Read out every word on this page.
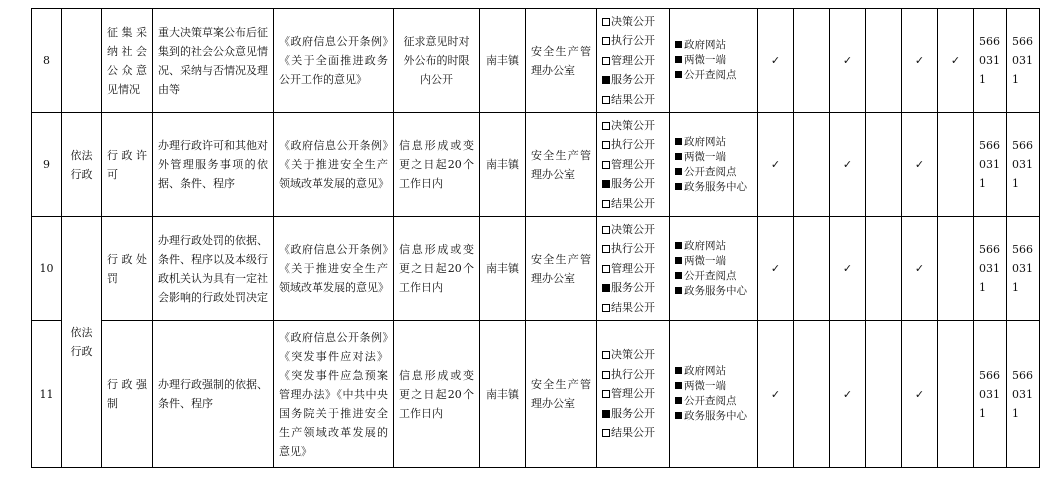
8		征集采纳社会公众意见情况	重大决策草案公布后征集到的社会公众意见情况、采纳与否情况及理由等	《政府信息公开条例》《关于全面推进政务公开工作的意见》	征求意见时对外公布的时限内公开	南丰镇	安全生产管理办公室	决策公开
执行公开
管理公开
服务公开
结果公开	政府网站
两微一端
公开查阅点	✓		✓		✓	✓	566
031
1	566
031
1
9	依法行政	行政许可	办理行政许可和其他对外管理服务事项的依据、条件、程序	《政府信息公开条例》《关于推进安全生产领域改革发展的意见》	信息形成或变更之日起20个工作日内	南丰镇	安全生产管理办公室	决策公开
执行公开
管理公开
服务公开
结果公开	政府网站
两微一端
公开查阅点
政务服务中心	✓		✓		✓		566
031
1	566
031
1
10	依法行政	行政处罚	办理行政处罚的依据、条件、程序以及本级行政机关认为具有一定社会影响的行政处罚决定	《政府信息公开条例》《关于推进安全生产领域改革发展的意见》	信息形成或变更之日起20个工作日内	南丰镇	安全生产管理办公室	决策公开
执行公开
管理公开
服务公开
结果公开	政府网站
两微一端
公开查阅点
政务服务中心	✓		✓		✓		566
031
1	566
031
1
11		行政强制	办理行政强制的依据、条件、程序	《政府信息公开条例》《突发事件应对法》《突发事件应急预案管理办法》《中共中央 国务院关于推进安全生产领域改革发展的意见》	信息形成或变更之日起20个工作日内	南丰镇	安全生产管理办公室	决策公开
执行公开
管理公开
服务公开
结果公开	政府网站
两微一端
公开查阅点
政务服务中心	✓		✓		✓		566
031
1	566
031
1
